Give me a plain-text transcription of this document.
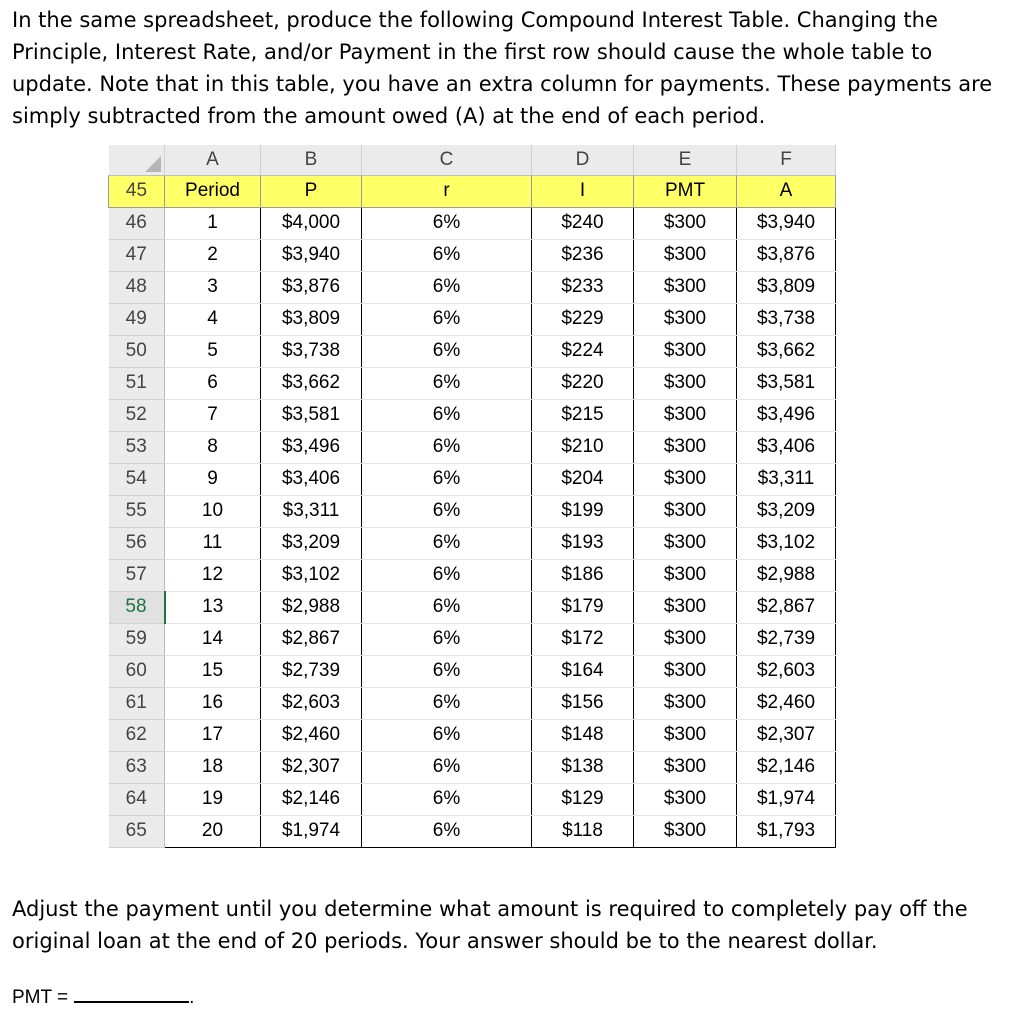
In the same spreadsheet, produce the following Compound Interest Table. Changing the Principle, Interest Rate, and/or Payment in the first row should cause the whole table to update. Note that in this table, you have an extra column for payments. These payments are simply subtracted from the amount owed (A) at the end of each period.

	A	B	C	D	E	F
45	Period	P	r	I	PMT	A
46	1	$4,000	6%	$240	$300	$3,940
47	2	$3,940	6%	$236	$300	$3,876
48	3	$3,876	6%	$233	$300	$3,809
49	4	$3,809	6%	$229	$300	$3,738
50	5	$3,738	6%	$224	$300	$3,662
51	6	$3,662	6%	$220	$300	$3,581
52	7	$3,581	6%	$215	$300	$3,496
53	8	$3,496	6%	$210	$300	$3,406
54	9	$3,406	6%	$204	$300	$3,311
55	10	$3,311	6%	$199	$300	$3,209
56	11	$3,209	6%	$193	$300	$3,102
57	12	$3,102	6%	$186	$300	$2,988
58	13	$2,988	6%	$179	$300	$2,867
59	14	$2,867	6%	$172	$300	$2,739
60	15	$2,739	6%	$164	$300	$2,603
61	16	$2,603	6%	$156	$300	$2,460
62	17	$2,460	6%	$148	$300	$2,307
63	18	$2,307	6%	$138	$300	$2,146
64	19	$2,146	6%	$129	$300	$1,974
65	20	$1,974	6%	$118	$300	$1,793

Adjust the payment until you determine what amount is required to completely pay off the original loan at the end of 20 periods. Your answer should be to the nearest dollar.

PMT =	.
